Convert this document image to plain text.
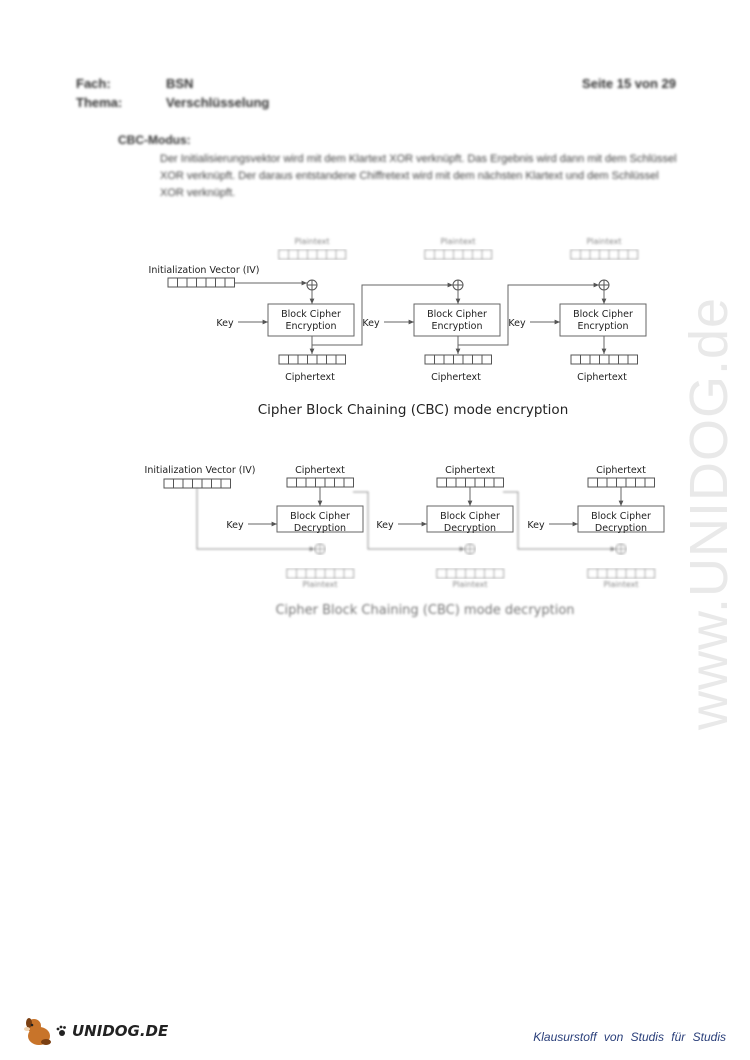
Fach:	BSN	Seite 15 von 29
Thema:	Verschlüsselung
CBC-Modus:
Der Initialisierungsvektor wird mit dem Klartext XOR verknüpft. Das Ergebnis wird dann mit dem Schlüssel XOR verknüpft. Der daraus entstandene Chiffretext wird mit dem nächsten Klartext und dem Schlüssel XOR verknüpft.
www.UNIDOG.de
Initialization Vector (IV)
Plaintext
Block Cipher
Encryption
Key
Ciphertext
Plaintext
Block Cipher
Encryption
Key
Ciphertext
Plaintext
Block Cipher
Encryption
Key
Ciphertext
Cipher Block Chaining (CBC) mode encryption
Initialization Vector (IV)	Ciphertext
Block Cipher
Decryption
Key
Plaintext
Ciphertext
Block Cipher
Decryption
Key
Plaintext
Ciphertext
Block Cipher
Decryption
Key
Plaintext
Cipher Block Chaining (CBC) mode decryption
UNIDOG.DE	Klausurstoff von Studis für Studis
